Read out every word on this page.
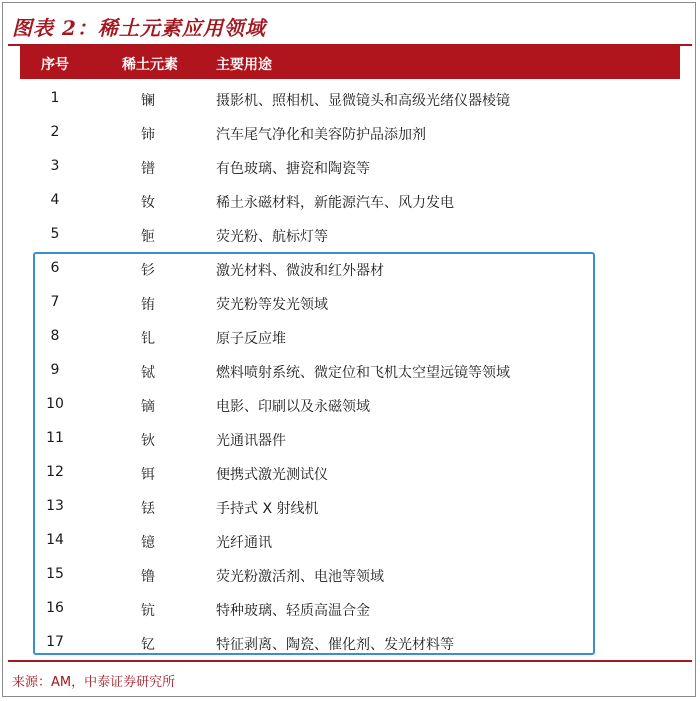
图表 2：稀土元素应用领域
序号	稀土元素	主要用途
1	镧	摄影机、照相机、显微镜头和高级光绪仪器棱镜
2	铈	汽车尾气净化和美容防护品添加剂
3	镨	有色玻璃、搪瓷和陶瓷等
4	钕	稀土永磁材料，新能源汽车、风力发电
5	钷	荧光粉、航标灯等
6	钐	激光材料、微波和红外器材
7	铕	荧光粉等发光领域
8	钆	原子反应堆
9	铽	燃料喷射系统、微定位和飞机太空望远镜等领域
10	镝	电影、印刷以及永磁领域
11	钬	光通讯器件
12	铒	便携式激光测试仪
13	铥	手持式 X 射线机
14	镱	光纤通讯
15	镥	荧光粉激活剂、电池等领域
16	钪	特种玻璃、轻质高温合金
17	钇	特征剥离、陶瓷、催化剂、发光材料等
来源：AM，中泰证券研究所
